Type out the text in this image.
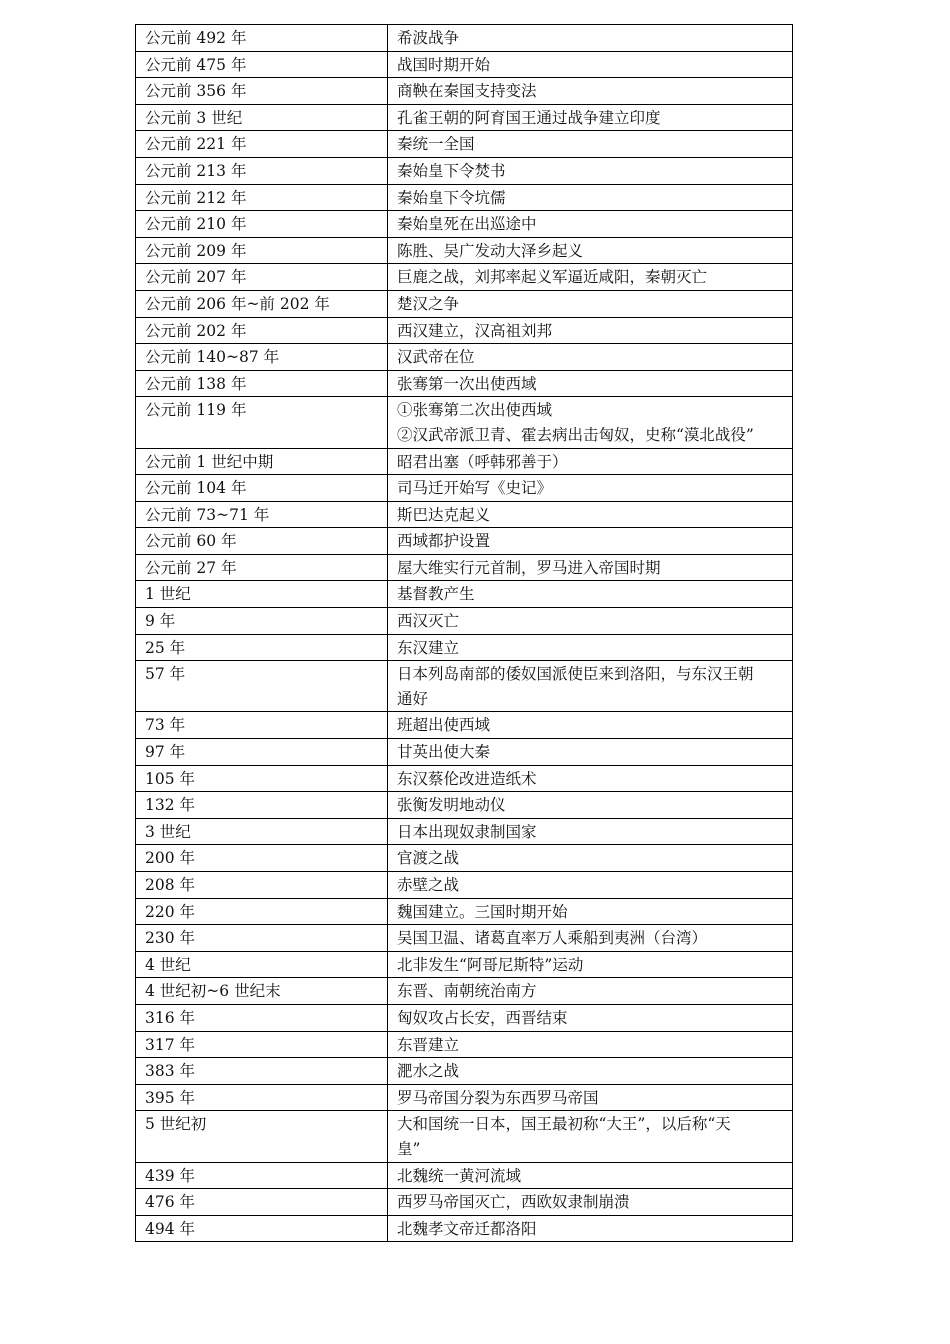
公元前 492 年	希波战争

公元前 475 年	战国时期开始

公元前 356 年	商鞅在秦国支持变法

公元前 3 世纪	孔雀王朝的阿育国王通过战争建立印度

公元前 221 年	秦统一全国

公元前 213 年	秦始皇下令焚书

公元前 212 年	秦始皇下令坑儒

公元前 210 年	秦始皇死在出巡途中

公元前 209 年	陈胜、吴广发动大泽乡起义

公元前 207 年	巨鹿之战，刘邦率起义军逼近咸阳，秦朝灭亡

公元前 206 年~前 202 年	楚汉之争

公元前 202 年	西汉建立，汉高祖刘邦

公元前 140~87 年	汉武帝在位

公元前 138 年	张骞第一次出使西域

公元前 119 年	①张骞第二次出使西域
②汉武帝派卫青、霍去病出击匈奴，史称“漠北战役”

公元前 1 世纪中期	昭君出塞（呼韩邪善于）

公元前 104 年	司马迁开始写《史记》

公元前 73~71 年	斯巴达克起义

公元前 60 年	西域都护设置

公元前 27 年	屋大维实行元首制，罗马进入帝国时期

1 世纪	基督教产生

9 年	西汉灭亡

25 年	东汉建立

57 年	日本列岛南部的倭奴国派使臣来到洛阳，与东汉王朝
通好

73 年	班超出使西域

97 年	甘英出使大秦

105 年	东汉蔡伦改进造纸术

132 年	张衡发明地动仪

3 世纪	日本出现奴隶制国家

200 年	官渡之战

208 年	赤壁之战

220 年	魏国建立。三国时期开始

230 年	吴国卫温、诸葛直率万人乘船到夷洲（台湾）

4 世纪	北非发生“阿哥尼斯特”运动

4 世纪初~6 世纪末	东晋、南朝统治南方

316 年	匈奴攻占长安，西晋结束

317 年	东晋建立

383 年	淝水之战

395 年	罗马帝国分裂为东西罗马帝国

5 世纪初	大和国统一日本，国王最初称“大王”，以后称“天
皇”

439 年	北魏统一黄河流域

476 年	西罗马帝国灭亡，西欧奴隶制崩溃

494 年	北魏孝文帝迁都洛阳
